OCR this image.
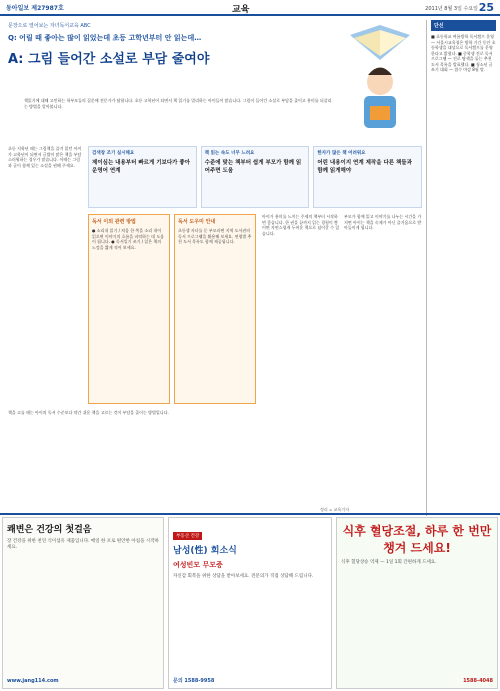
동아일보 제27987호	교육	2011년 8월 3일 수요일 25
문장으로 열어보는 자녀독서교육 ABC
Q: 어릴 때 좋아는 많이 읽었는데 초등 고학년부터 안 읽는데…
A: 그림 들어간 소설로 부담 줄여야
책읽기에 대해 고민하는 학부모들의 질문에 전문가가 답합니다. 초등 고학년이 되면서 책 읽기를 멀리하는 아이들이 많습니다. 그림이 들어간 소설로 부담을 줄이고 흥미를 되살리는 방법을 알아봅니다.
단신
■ 초등학교 여름방학 독서캠프 운영 — 서울시교육청은 방학 기간 동안 초등학생을 대상으로 독서캠프를 운영한다고 밝혔다. ■ 중학생 진로 독서 프로그램 — 진로 탐색을 돕는 추천 도서 목록을 발표했다. ■ 청소년 글쓰기 대회 — 접수 마감 8월 말.
초등 저학년 때는 그림책을 즐겨 읽던 아이가 고학년이 되면서 글밥이 많은 책을 부담스러워하는 경우가 많습니다. 이때는 그림과 글이 함께 있는 소설을 권해 주세요.
검색창 조기 실시해요
제이심는 내용부터 빠르게 기보다가 좋아 운영어 연계
책 읽는 속도 너무 느려요
수준에 맞는 책부터 쉽게 부모가 함께 읽어주면 도움
한자가 많은 책 어려워요
어린 내용이지 연계 제작을 다른 책들과 함께 읽게해야
독서 이외 관련 방법
● 소리내 읽기 / 처음 한 쪽을 소리 내어 읽으면 이야기의 흐름을 파악하는 데 도움이 됩니다. ● 독서일기 쓰기 / 읽은 책의 느낌을 짧게 적어 보세요.
독서 도우미 안내
초등생 자녀를 둔 부모라면 지역 도서관의 독서 프로그램을 활용해 보세요. 연령별 추천 도서 목록도 함께 제공됩니다.
아이가 흥미를 느끼는 주제의 책부터 시작하면 좋습니다. 한 권을 끝까지 읽는 경험이 쌓이면 자연스럽게 두꺼운 책으로 넘어갈 수 있습니다.
부모가 함께 읽고 이야기를 나누는 시간을 가지면 아이는 책을 숙제가 아닌 즐거움으로 받아들이게 됩니다.
책을 고를 때는 아이의 독서 수준보다 약간 쉬운 책을 고르는 것이 부담을 줄이는 방법입니다.
정리 = 교육기자
쾌변은 건강의 첫걸음
장 건강을 위한 천연 식이섬유 제품입니다. 매일 한 포로 편안한 아침을 시작하세요.
www.jang114.com
부동산 건강
남성(性) 회소식
여성빈모 무모증
자신감 회복을 위한 상담을 받아보세요. 전문의가 직접 상담해 드립니다.
문의 1588-9958
식후 혈당조절, 하루 한 번만 챙겨 드세요!
식후 혈당상승 억제 — 1일 1회 간편하게 드세요.
1588-4048
